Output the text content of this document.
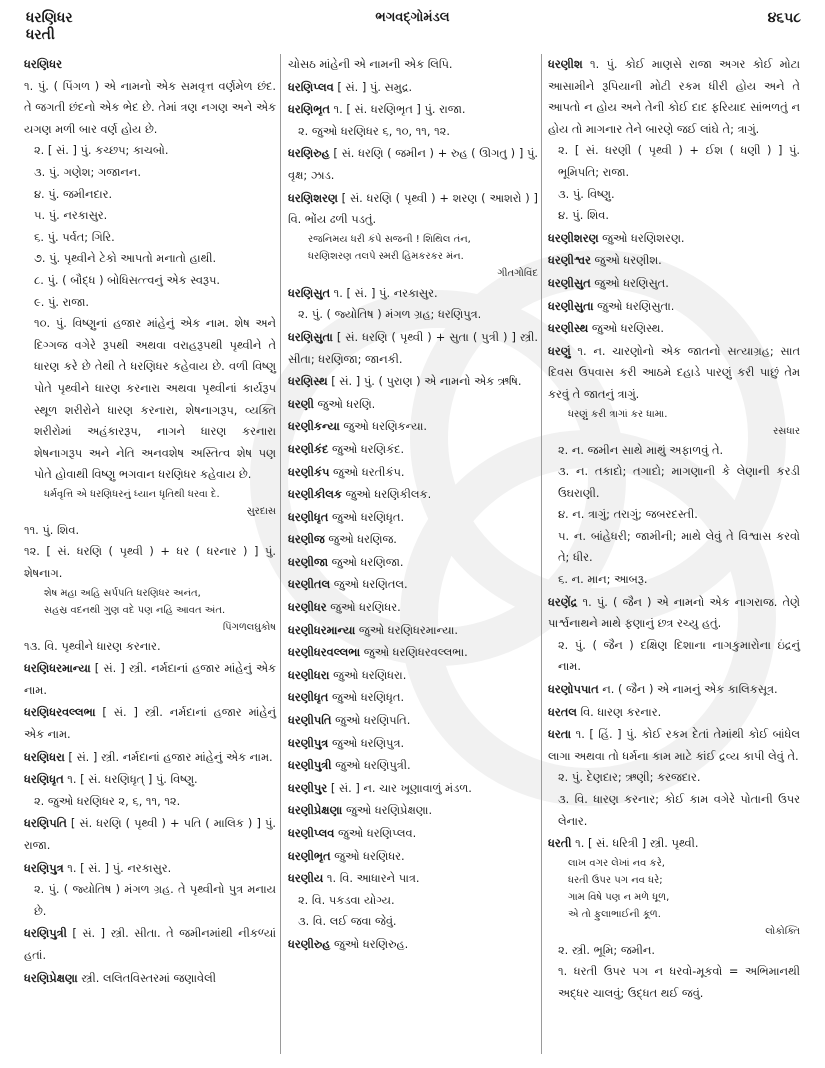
ધરણિધર
ધરતી
ભગવદ્ગોમંડલ	૪૬૫૮
ધરણિધર
૧. પું. ( પિંગળ ) એ નામનો એક સમવૃત્ત વર્ણમેળ છંદ. તે જગતી છંદનો એક ભેદ છે. તેમાં ત્રણ નગણ અને એક યગણ મળી બાર વર્ણ હોય છે.
૨. [ સં. ] પું. કચ્છપ; કાચબો.
૩. પું. ગણેશ; ગજાનન.
૪. પું. જમીનદાર.
૫. પું. નરકાસુર.
૬. પું. પર્વત; ગિરિ.
૭. પું. પૃથ્વીને ટેકો આપતો મનાતો હાથી.
૮. પું. ( બૌદ્ધ ) બોધિસત્ત્વનું એક સ્વરૂપ.
૯. પું. રાજા.
૧૦. પું. વિષ્ણુનાં હજાર માંહેનું એક નામ. શેષ અને દિગ્ગજ વગેરે રૂપથી અથવા વરાહરૂપથી પૃથ્વીને તે ધારણ કરે છે તેથી તે ધરણિધર કહેવાય છે. વળી વિષ્ણુ પોતે પૃથ્વીને ધારણ કરનારા અથવા પૃથ્વીનાં કાર્યરૂપ સ્થૂળ શરીરોને ધારણ કરનારા, શેષનાગરૂપ, વ્યક્તિ શરીરોમાં અહંકારરૂપ, નાગને ધારણ કરનારા શેષનાગરૂપ અને નેતિ અનવશેષ અસ્તિત્વ શેષ પણ પોતે હોવાથી વિષ્ણુ ભગવાન ધરણિધર કહેવાય છે.
ધર્મવૃત્તિ એ ધરણિધરનું ધ્યાન ધૃતિથી ધરવા દે.
સુરદાસ
૧૧. પું. શિવ.
૧૨. [ સં. ધરણિ ( પૃથ્વી ) + ધર ( ધરનાર ) ] પું. શેષનાગ.
શેષ મહા અહિ સર્પપતિ ધરણિધર અનંત,
સહસ્ર વદનથી ગુણ વદે પણ નહિ આવત અંત.
પિંગળલઘુકોષ
૧૩. વિ. પૃથ્વીને ધારણ કરનાર.
ધરણિધરમાન્યા [ સં. ] સ્ત્રી. નર્મદાનાં હજાર માંહેનું એક નામ.
ધરણિધરવલ્લભા [ સં. ] સ્ત્રી. નર્મદાનાં હજાર માંહેનું એક નામ.
ધરણિધરા [ સં. ] સ્ત્રી. નર્મદાનાં હજાર માંહેનું એક નામ.
ધરણિધૃત ૧. [ સં. ધરણિધૃત્ ] પું. વિષ્ણુ.
૨. જુઓ ધરણિધર ૨, ૬, ૧૧, ૧૨.
ધરણિપતિ [ સં. ધરણિ ( પૃથ્વી ) + પતિ ( માલિક ) ] પું. રાજા.
ધરણિપુત્ર ૧. [ સં. ] પું. નરકાસુર.
૨. પું. ( જ્યોતિષ ) મંગળ ગ્રહ. તે પૃથ્વીનો પુત્ર મનાય છે.
ધરણિપુત્રી [ સં. ] સ્ત્રી. સીતા. તે જમીનમાંથી નીકળ્યાં હતાં.
ધરણિપ્રેક્ષણા સ્ત્રી. લલિતવિસ્તરમાં જણાવેલી
ચોસઠ માંહેની એ નામની એક લિપિ.
ધરણિપ્લવ [ સં. ] પું. સમુદ્ર.
ધરણિભૃત ૧. [ સં. ધરણિભૃત ] પું. રાજા.
૨. જુઓ ધરણિધર ૬, ૧૦, ૧૧, ૧૨.
ધરણિરુહ [ સં. ધરણિ ( જમીન ) + રુહ ( ઊગતુ ) ] પું. વૃક્ષ; ઝાડ.
ધરણિશરણ [ સં. ધરણિ ( પૃથ્વી ) + શરણ ( આશરો ) ] વિ. ભોંય ઢળી પડતું.
રજનિમય ધરી કંપે સજની ! શિથિલ તંન,
ધરણિશરણ તલપે સ્મરી હિમકરકર મંન.
ગીતગોવિંદ
ધરણિસુત ૧. [ સં. ] પું. નરકાસુર.
૨. પું. ( જ્યોતિષ ) મંગળ ગ્રહ; ધરણિપુત્ર.
ધરણિસુતા [ સં. ધરણિ ( પૃથ્વી ) + સુતા ( પુત્રી ) ] સ્ત્રી. સીતા; ધરણિજા; જાનકી.
ધરણિસ્થ [ સં. ] પું. ( પુરાણ ) એ નામનો એક ઋષિ.
ધરણી જુઓ ધરણિ.
ધરણીકન્યા જુઓ ધરણિકન્યા.
ધરણીકંદ જુઓ ધરણિકંદ.
ધરણીકંપ જુઓ ધરતીકંપ.
ધરણીકીલક જુઓ ધરણિકીલક.
ધરણીધૃત જુઓ ધરણિધૃત.
ધરણીજ જુઓ ધરણિજ.
ધરણીજા જુઓ ધરણિજા.
ધરણીતલ જુઓ ધરણિતલ.
ધરણીધર જુઓ ધરણિધર.
ધરણીધરમાન્યા જુઓ ધરણિધરમાન્યા.
ધરણીધરવલ્લભા જુઓ ધરણિધરવલ્લભા.
ધરણીધરા જુઓ ધરણિધરા.
ધરણીધૃત જુઓ ધરણિધૃત.
ધરણીપતિ જુઓ ધરણિપતિ.
ધરણીપુત્ર જુઓ ધરણિપુત્ર.
ધરણીપુત્રી જુઓ ધરણિપુત્રી.
ધરણીપુર [ સં. ] ન. ચાર ખૂણાવાળું મંડળ.
ધરણીપ્રેક્ષણા જુઓ ધરણિપ્રેક્ષણા.
ધરણીપ્લવ જુઓ ધરણિપ્લવ.
ધરણીભૃત જુઓ ધરણિધર.
ધરણીય ૧. વિ. આધારને પાત્ર.
૨. વિ. પકડવા યોગ્ય.
૩. વિ. લઈ જવા જેવું.
ધરણીરુહ જુઓ ધરણિરુહ.
ધરણીશ ૧. પું. કોઈ માણસે રાજા અગર કોઈ મોટા આસામીને રૂપિયાની મોટી રકમ ધીરી હોય અને તે આપતો ન હોય અને તેની કોઈ દાદ ફરિયાદ સાંભળતું ન હોય તો માગનાર તેને બારણે જઈ લાંઘે તે; ત્રાગું.
૨. [ સં. ધરણી ( પૃથ્વી ) + ઈશ ( ધણી ) ] પું. ભૂમિપતિ; રાજા.
૩. પું. વિષ્ણુ.
૪. પું. શિવ.
ધરણીશરણ જુઓ ધરણિશરણ.
ધરણીશ્વર જુઓ ધરણીશ.
ધરણીસુત જુઓ ધરણિસુત.
ધરણીસુતા જુઓ ધરણિસુતા.
ધરણીસ્થ જુઓ ધરણિસ્થ.
ધરણું ૧. ન. ચારણોનો એક જાતનો સત્યાગ્રહ; સાત દિવસ ઉપવાસ કરી આઠમે દહાડે પારણું કરી પાછું તેમ કરવું તે જાતનું ત્રાગું.
ધરણું કરી ત્રાગાં કર ધામા.
રસધાર
૨. ન. જમીન સાથે માથું અફાળવું તે.
૩. ન. તકાદો; તગાદો; માગણાની કે લેણાની કરડી ઉઘરાણી.
૪. ન. ત્રાગું; તરાગું; જબરદસ્તી.
૫. ન. બાંહેધરી; જામીની; માથે લેવું તે વિશ્વાસ કરવો તે; ધીર.
૬. ન. માન; આબરૂ.
ધરણેંદ્ર ૧. પું. ( જૈન ) એ નામનો એક નાગરાજ. તેણે પાર્શ્વનાથને માથે ફણાનું છત્ર રચ્યુ હતું.
૨. પું. ( જૈન ) દક્ષિણ દિશાના નાગકુમારોના ઇંદ્રનું નામ.
ધરણોપપાત ન. ( જૈન ) એ નામનું એક કાલિકસૂત્ર.
ધરતલ વિ. ધારણ કરનાર.
ધરતા ૧. [ હિં. ] પું. કોઈ રકમ દેતાં તેમાંથી કોઈ બાંધેલ લાગા અથવા તો ધર્મના કામ માટે કાંઈ દ્રવ્ય કાપી લેવું તે.
૨. પું. દેણદાર; ઋણી; કરજદાર.
૩. વિ. ધારણ કરનાર; કોઈ કામ વગેરે પોતાની ઉપર લેનાર.
ધરતી ૧. [ સં. ધરિત્રી ] સ્ત્રી. પૃથ્વી.
લાખ વગર લેખાં નવ કરે,
ધરતી ઉપર પગ નવ ધરે;
ગામ વિષે પણ ન મળે ધૂળ,
એ તો ફુલાભાઈની કૂળ.
લોકોક્તિ
૨. સ્ત્રી. ભૂમિ; જમીન.
૧. ધરતી ઉપર પગ ન ધરવો-મૂકવો = અભિમાનથી અદ્ધર ચાલવું; ઉદ્ધત થઈ જવું.
